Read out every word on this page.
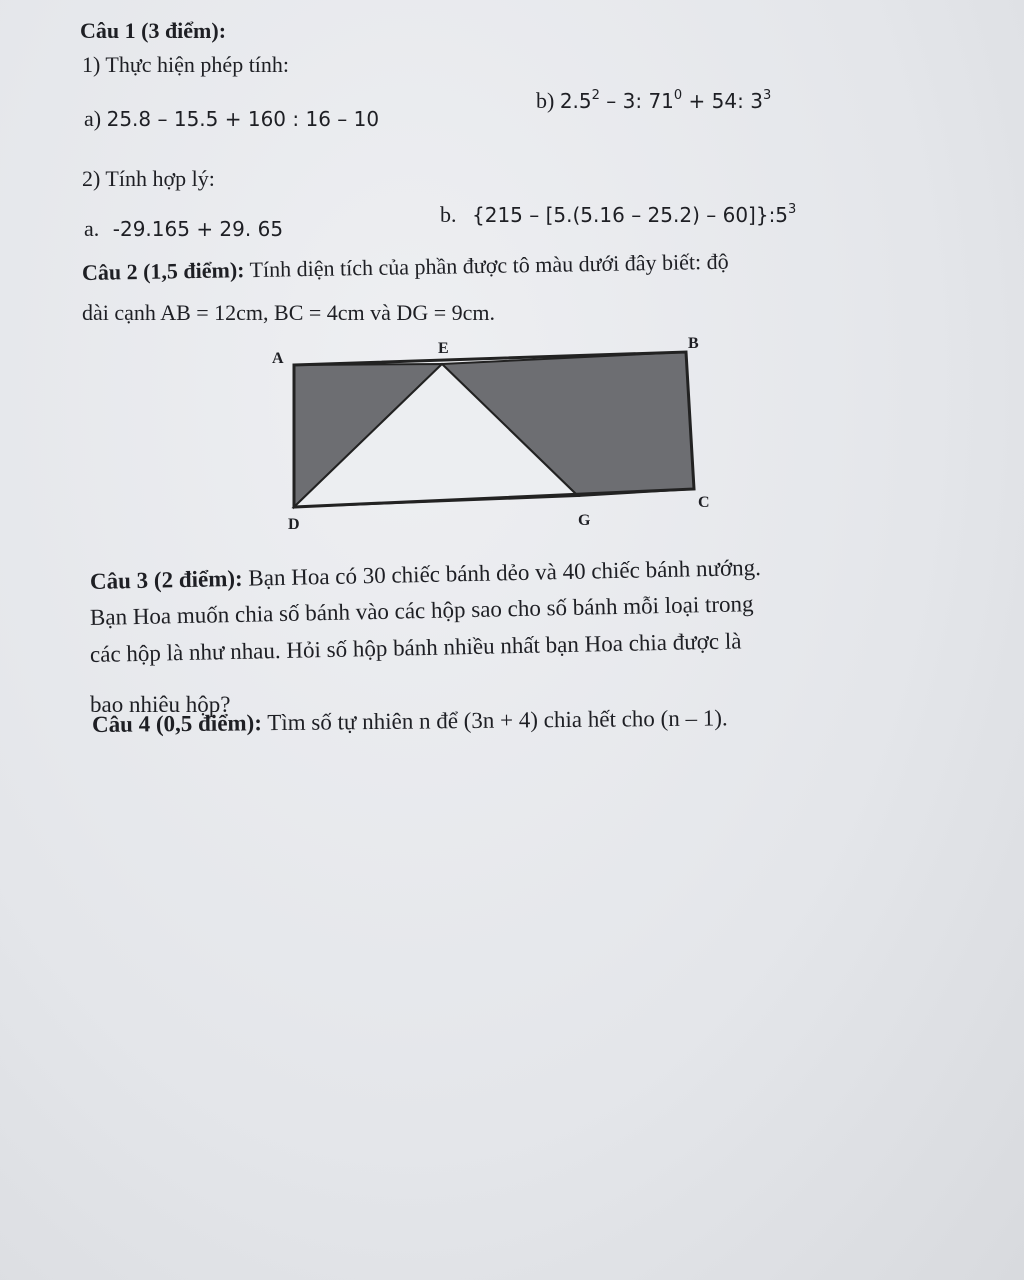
Câu 1 (3 điểm):
1) Thực hiện phép tính:
a) 25.8 – 15.5 + 160 : 16 – 10
b) $2.5^2 - 3$: $71^0 + 54$: $3^3$
2) Tính hợp lý:
a. -29.165 + 29. 65
b. $\{215 - [5.(5.16 - 25.2) - 60]\}:5^3$
Câu 2 (1,5 điểm): Tính diện tích của phần được tô màu dưới đây biết: độ
dài cạnh AB = 12cm, BC = 4cm và DG = 9cm.
A
E	B
C
D	G
Câu 3 (2 điểm): Bạn Hoa có 30 chiếc bánh dẻo và 40 chiếc bánh nướng.
Bạn Hoa muốn chia số bánh vào các hộp sao cho số bánh mỗi loại trong
các hộp là như nhau. Hỏi số hộp bánh nhiều nhất bạn Hoa chia được là
bao nhiêu hộp?
Câu 4 (0,5 điểm): Tìm số tự nhiên n để (3n + 4) chia hết cho (n – 1).
